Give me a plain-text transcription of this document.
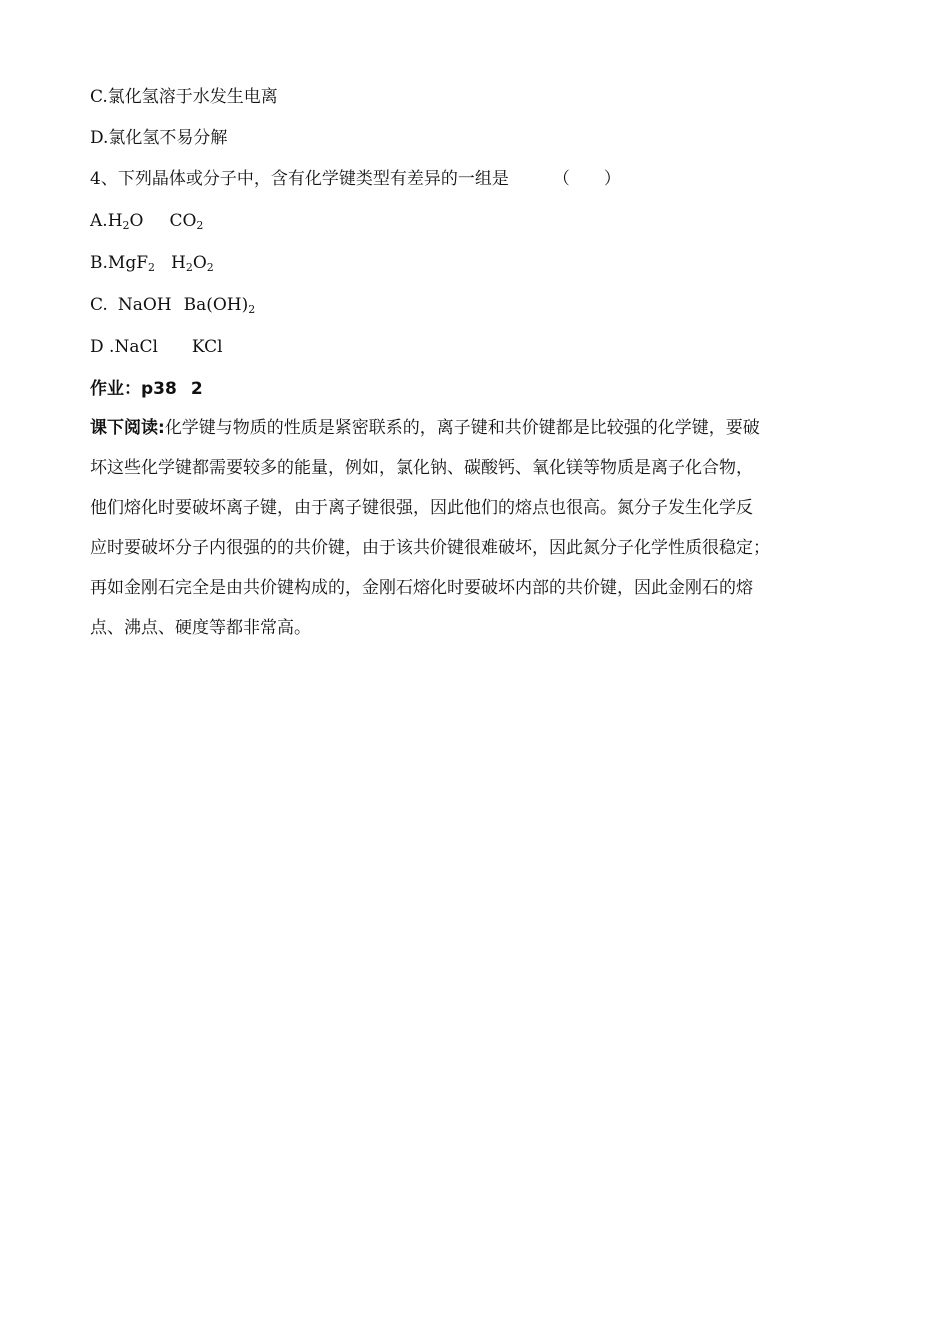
C.氯化氢溶于水发生电离
D.氯化氢不易分解
4、下列晶体或分子中，含有化学键类型有差异的一组是	（　　）
$A.H_2O$ $CO_2$
B.MgF$_2$ $H_2O_2$
C. NaOH $Ba(OH)_2$
D .NaCl KCl
作业：p38 2

课下阅读:化学键与物质的性质是紧密联系的，离子键和共价键都是比较强的化学键，要破

坏这些化学键都需要较多的能量，例如，氯化钠、碳酸钙、氧化镁等物质是离子化合物，

他们熔化时要破坏离子键，由于离子键很强，因此他们的熔点也很高。氮分子发生化学反

应时要破坏分子内很强的的共价键，由于该共价键很难破坏，因此氮分子化学性质很稳定；

再如金刚石完全是由共价键构成的，金刚石熔化时要破坏内部的共价键，因此金刚石的熔

点、沸点、硬度等都非常高。
